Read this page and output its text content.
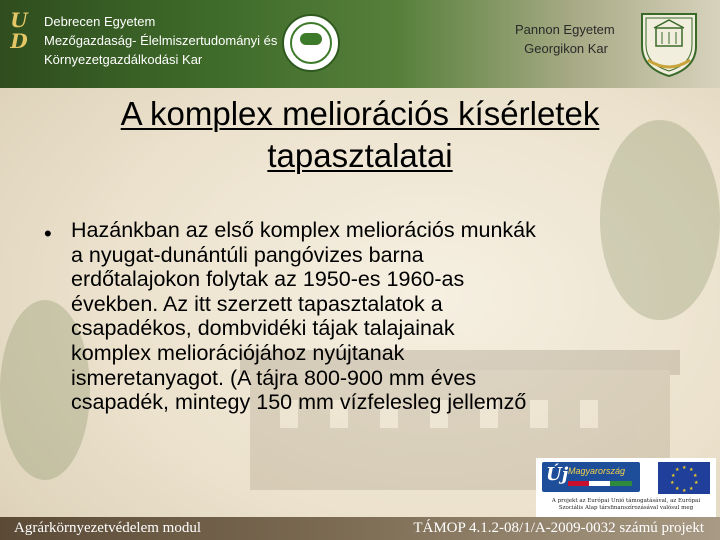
U
D
Debrecen Egyetem
Mezőgazdaság- Élelmiszertudományi és
Környezetgazdálkodási Kar
Pannon Egyetem
Georgikon Kar
A komplex meliorációs kísérletek
tapasztalatai
• Hazánkban az első komplex meliorációs munkák
a nyugat-dunántúli pangóvizes barna
erdőtalajokon folytak az 1950-es 1960-as
években. Az itt szerzett tapasztalatok a
csapadékos, dombvidéki tájak talajainak
komplex meliorációjához nyújtanak
ismeretanyagot. (A tájra 800-900 mm éves
csapadék, mintegy 150 mm vízfelesleg jellemző
Új Magyarország	★ ★
★
★
★
★
★
★
★
★
A projekt az Európai Unió támogatásával, az Európai
Szociális Alap társfinanszírozásával valósul meg
Agrárkörnyezetvédelem modul	TÁMOP 4.1.2-08/1/A-2009-0032 számú projekt
